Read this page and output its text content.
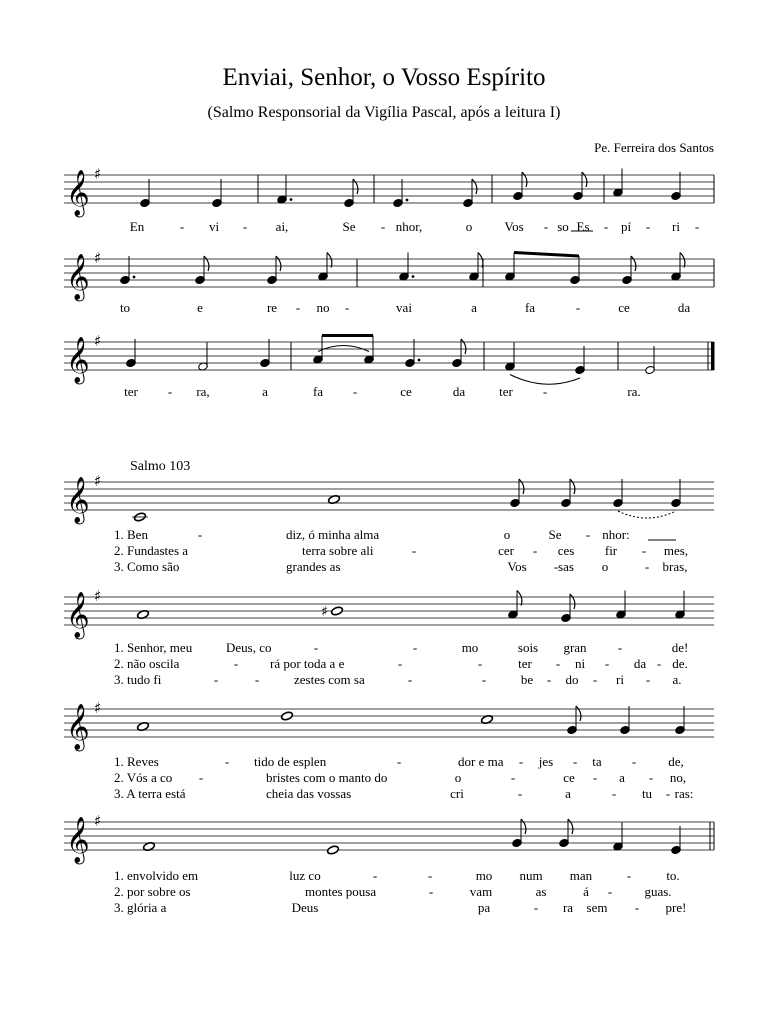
Enviai, Senhor, o Vosso Espírito
(Salmo Responsorial da Vigília Pascal, após a leitura I)
Pe. Ferreira dos Santos
Salmo 103
𝄞 ♯
𝄞 ♯
𝄞 ♯
𝄞 ♯
𝄞 ♯
♯
𝄞 ♯
𝄞 ♯
En	- vi - ai,	Se - nhor,	o Vos - so Es - pí - ri -
to	e	re - no -	vai	a	fa	-	ce	da
ter - ra,	a	fa -	ce	da	ter -	ra.
1. Ben	-	diz, ó minha alma	o	Se - nhor:
2. Fundastes a	terra sobre ali	-	cer - ces fir - mes,
3. Como são	grandes as	Vos - sas o	- bras,
1. Senhor, meu	Deus, co	-	-	mo	sois gran -	de!
2. não oscila	- rá por toda a e	-	-	ter - ni - da - de.
3. tudo fi	-	-	zestes com sa	-	-	be - do - ri - a.
1. Reves	- tido de esplen	-	dor e ma - jes - ta - de,
2. Vós a co -	bristes com o manto do	o	-	ce - a - no,
3. A terra está	cheia das vossas	cri	-	a	- tu - ras:
1. envolvido em	luz co	-	-	mo num man	-	to.
2. por sobre os	montes pousa	-	vam	as	á - guas.
3. glória a	Deus	pa	- ra sem - pre!
